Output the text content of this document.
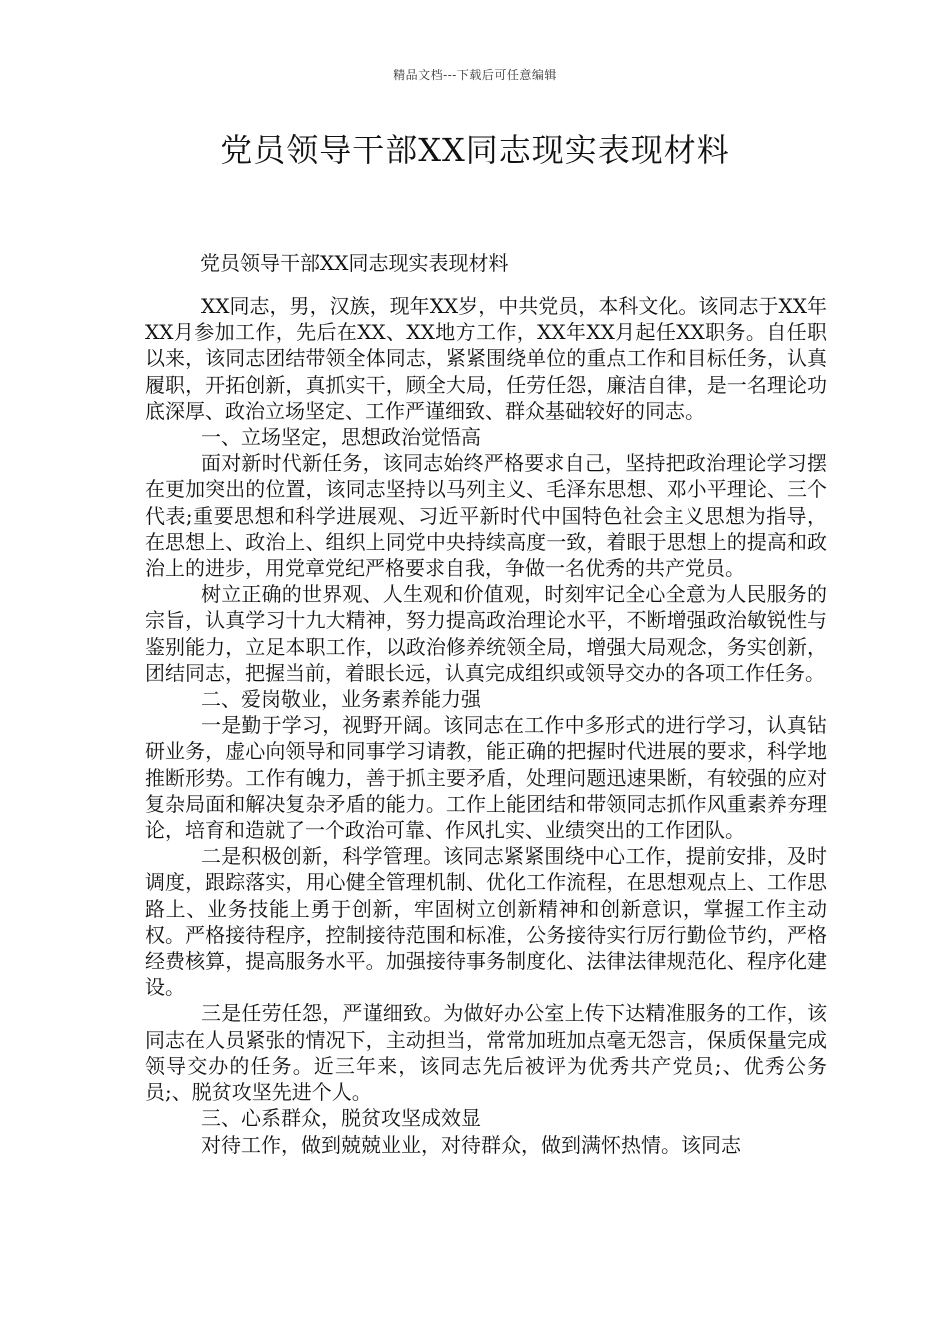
精品文档---下载后可任意编辑
党员领导干部XX同志现实表现材料
党员领导干部XX同志现实表现材料

XX同志，男，汉族，现年XX岁，中共党员，本科文化。该同志于XX年XX月参加工作，先后在XX、XX地方工作，XX年XX月起任XX职务。自任职以来，该同志团结带领全体同志，紧紧围绕单位的重点工作和目标任务，认真履职，开拓创新，真抓实干，顾全大局，任劳任怨，廉洁自律，是一名理论功底深厚、政治立场坚定、工作严谨细致、群众基础较好的同志。

一、立场坚定，思想政治觉悟高

面对新时代新任务，该同志始终严格要求自己，坚持把政治理论学习摆在更加突出的位置，该同志坚持以马列主义、毛泽东思想、邓小平理论、三个代表;重要思想和科学进展观、习近平新时代中国特色社会主义思想为指导，在思想上、政治上、组织上同党中央持续高度一致，着眼于思想上的提高和政治上的进步，用党章党纪严格要求自我，争做一名优秀的共产党员。

树立正确的世界观、人生观和价值观，时刻牢记全心全意为人民服务的宗旨，认真学习十九大精神，努力提高政治理论水平，不断增强政治敏锐性与鉴别能力，立足本职工作，以政治修养统领全局，增强大局观念，务实创新，团结同志，把握当前，着眼长远，认真完成组织或领导交办的各项工作任务。

二、爱岗敬业，业务素养能力强

一是勤于学习，视野开阔。该同志在工作中多形式的进行学习，认真钻研业务，虚心向领导和同事学习请教，能正确的把握时代进展的要求，科学地推断形势。工作有魄力，善于抓主要矛盾，处理问题迅速果断，有较强的应对复杂局面和解决复杂矛盾的能力。工作上能团结和带领同志抓作风重素养夯理论，培育和造就了一个政治可靠、作风扎实、业绩突出的工作团队。

二是积极创新，科学管理。该同志紧紧围绕中心工作，提前安排，及时调度，跟踪落实，用心健全管理机制、优化工作流程，在思想观点上、工作思路上、业务技能上勇于创新，牢固树立创新精神和创新意识，掌握工作主动权。严格接待程序，控制接待范围和标准，公务接待实行厉行勤俭节约，严格经费核算，提高服务水平。加强接待事务制度化、法律法律规范化、程序化建设。

三是任劳任怨，严谨细致。为做好办公室上传下达精准服务的工作，该同志在人员紧张的情况下，主动担当，常常加班加点毫无怨言，保质保量完成领导交办的任务。近三年来，该同志先后被评为优秀共产党员;、优秀公务员;、脱贫攻坚先进个人。

三、心系群众，脱贫攻坚成效显

对待工作，做到兢兢业业，对待群众，做到满怀热情。该同志
